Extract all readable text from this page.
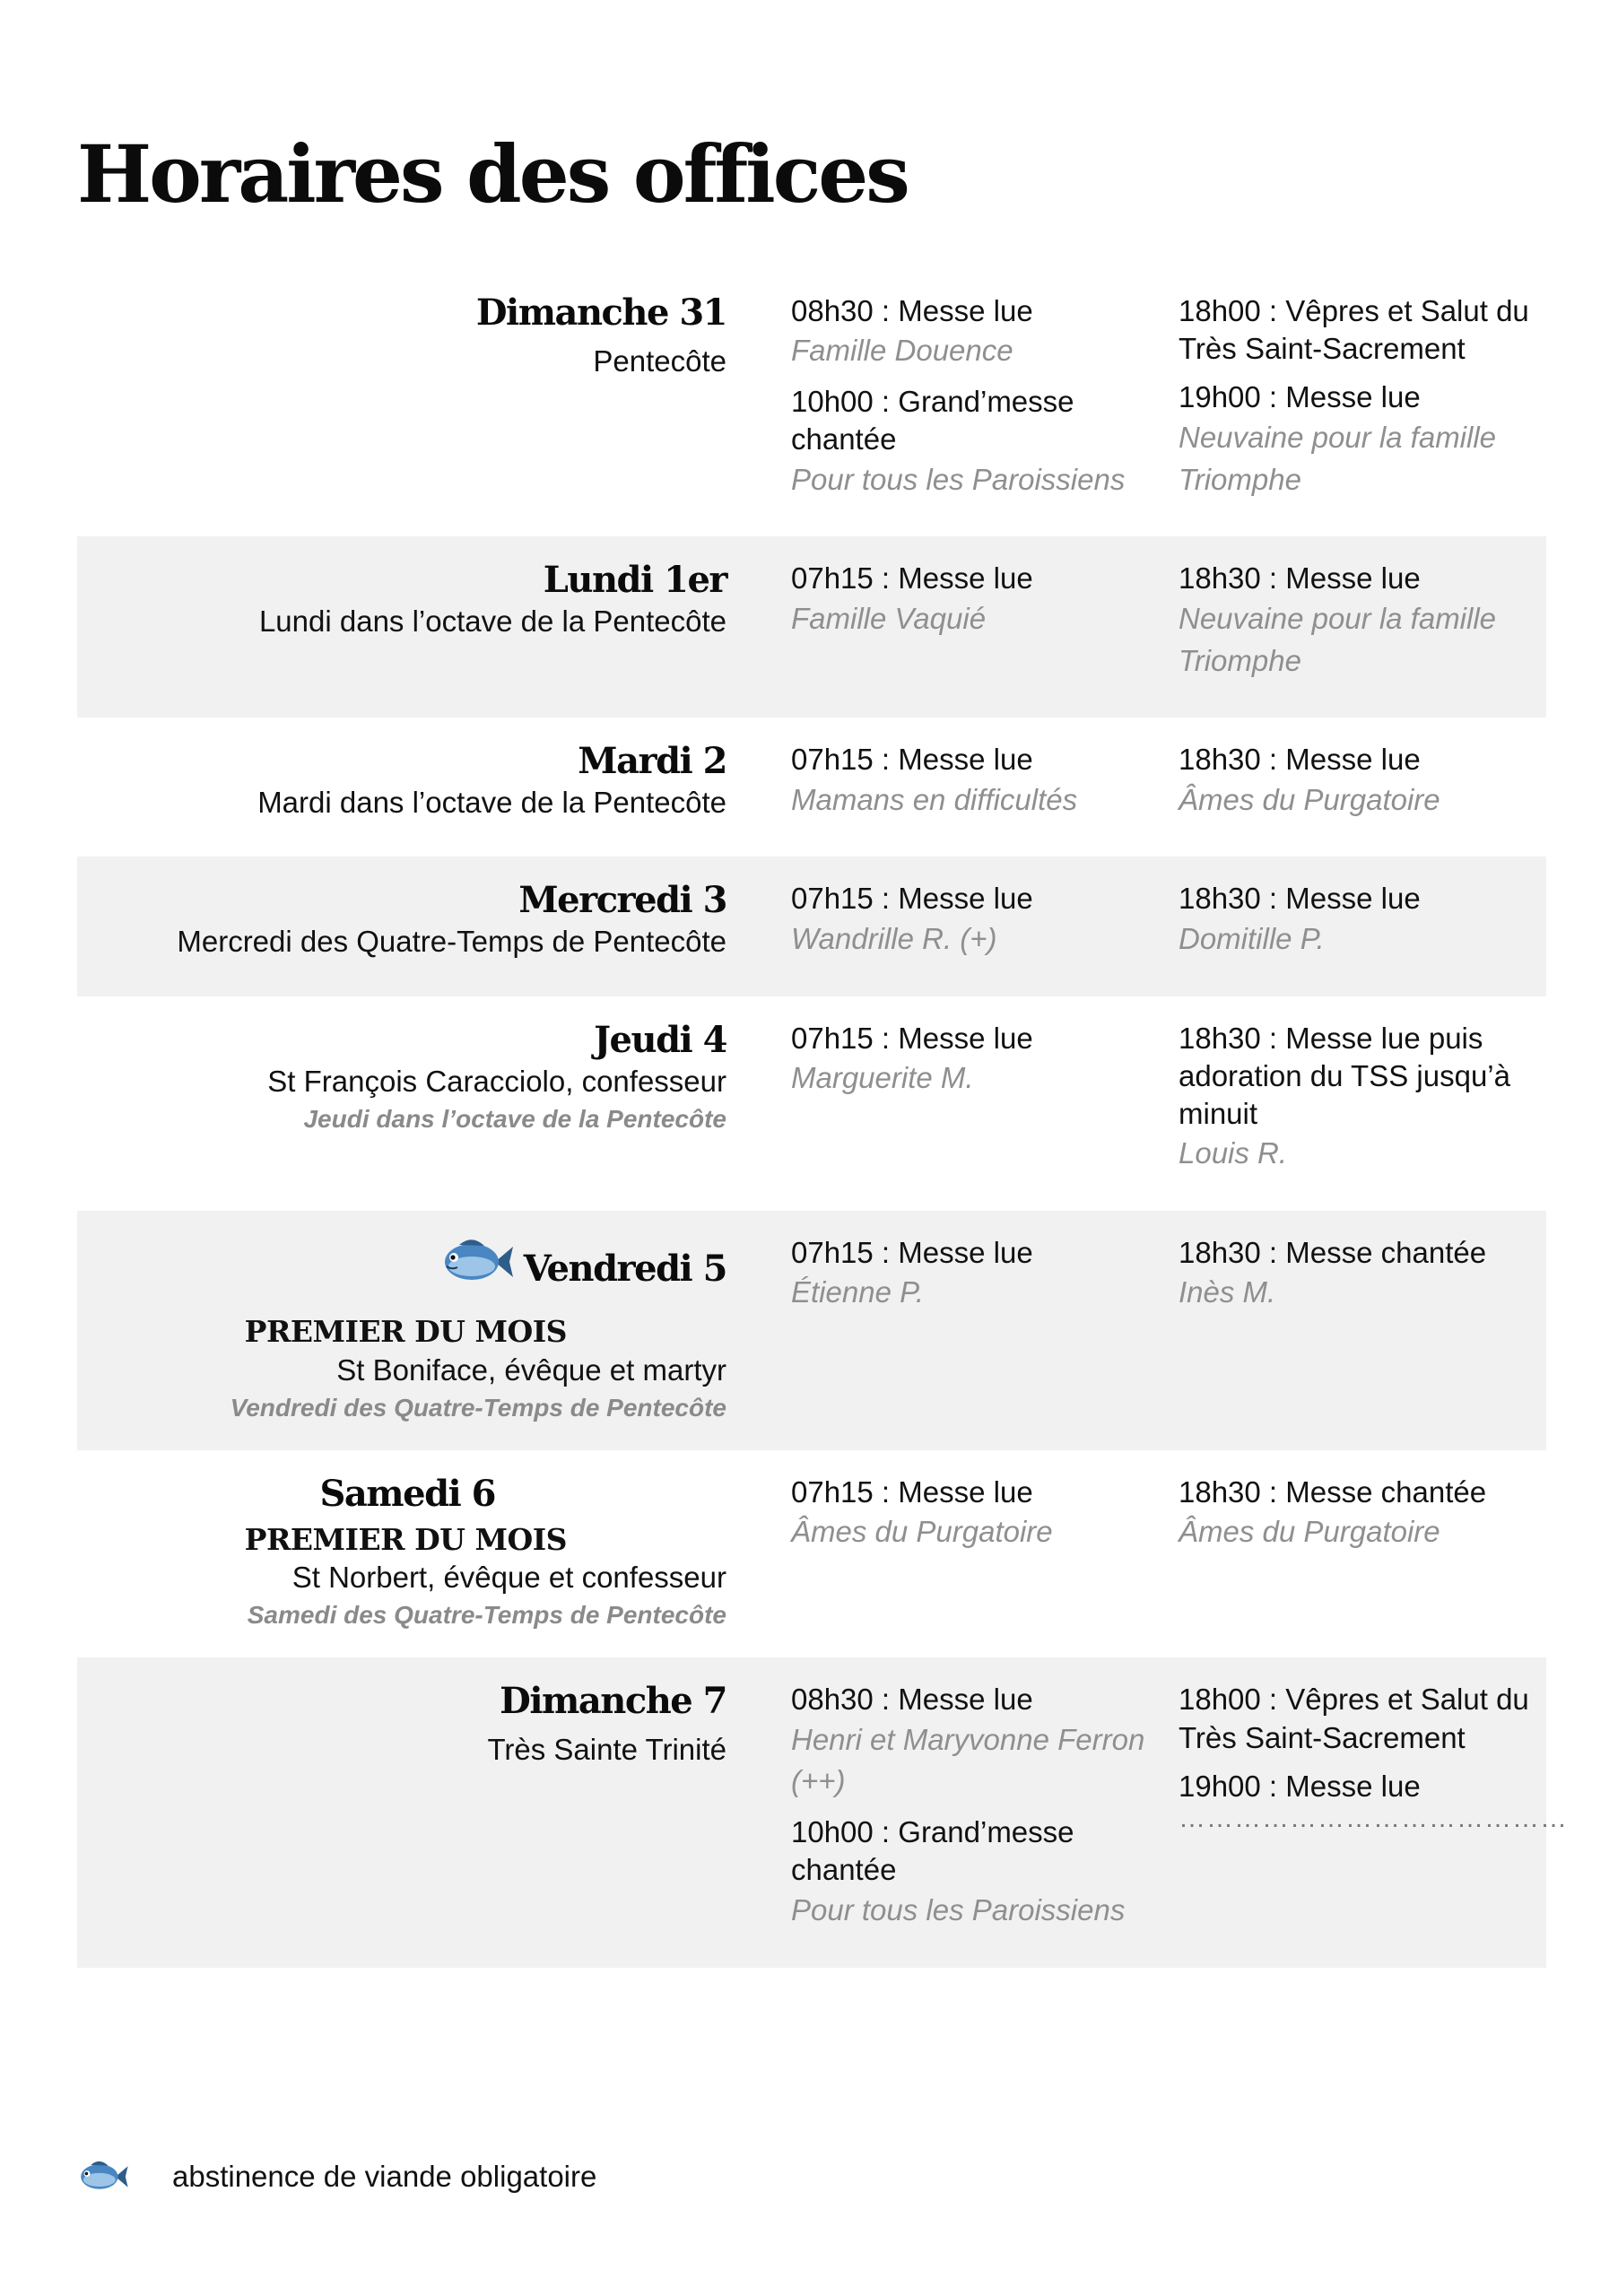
Horaires des offices
Dimanche 31
Pentecôte
08h30 : Messe lue
Famille Douence
10h00 : Grand’messe chantée
Pour tous les Paroissiens
18h00 : Vêpres et Salut du Très Saint-Sacrement
19h00 : Messe lue
Neuvaine pour la famille Triomphe
Lundi 1er
Lundi dans l’octave de la Pentecôte
07h15 : Messe lue
Famille Vaquié
18h30 : Messe lue
Neuvaine pour la famille Triomphe
Mardi 2
Mardi dans l’octave de la Pentecôte
07h15 : Messe lue
Mamans en difficultés
18h30 : Messe lue
Âmes du Purgatoire
Mercredi 3
Mercredi des Quatre-Temps de Pentecôte
07h15 : Messe lue
Wandrille R. (+)
18h30 : Messe lue
Domitille P.
Jeudi 4
St François Caracciolo, confesseur
Jeudi dans l’octave de la Pentecôte
07h15 : Messe lue
Marguerite M.
18h30 : Messe lue puis adoration du TSS jusqu’à minuit
Louis R.
Vendredi 5
PREMIER DU MOIS
St Boniface, évêque et martyr
Vendredi des Quatre-Temps de Pentecôte
07h15 : Messe lue
Étienne P.
18h30 : Messe chantée
Inès M.
Samedi 6
PREMIER DU MOIS
St Norbert, évêque et confesseur
Samedi des Quatre-Temps de Pentecôte
07h15 : Messe lue
Âmes du Purgatoire
18h30 : Messe chantée
Âmes du Purgatoire
Dimanche 7
Très Sainte Trinité
08h30 : Messe lue
Henri et Maryvonne Ferron (++)
10h00 : Grand’messe chantée
Pour tous les Paroissiens
18h00 : Vêpres et Salut du Très Saint-Sacrement
19h00 : Messe lue
……………………………………
abstinence de viande obligatoire
